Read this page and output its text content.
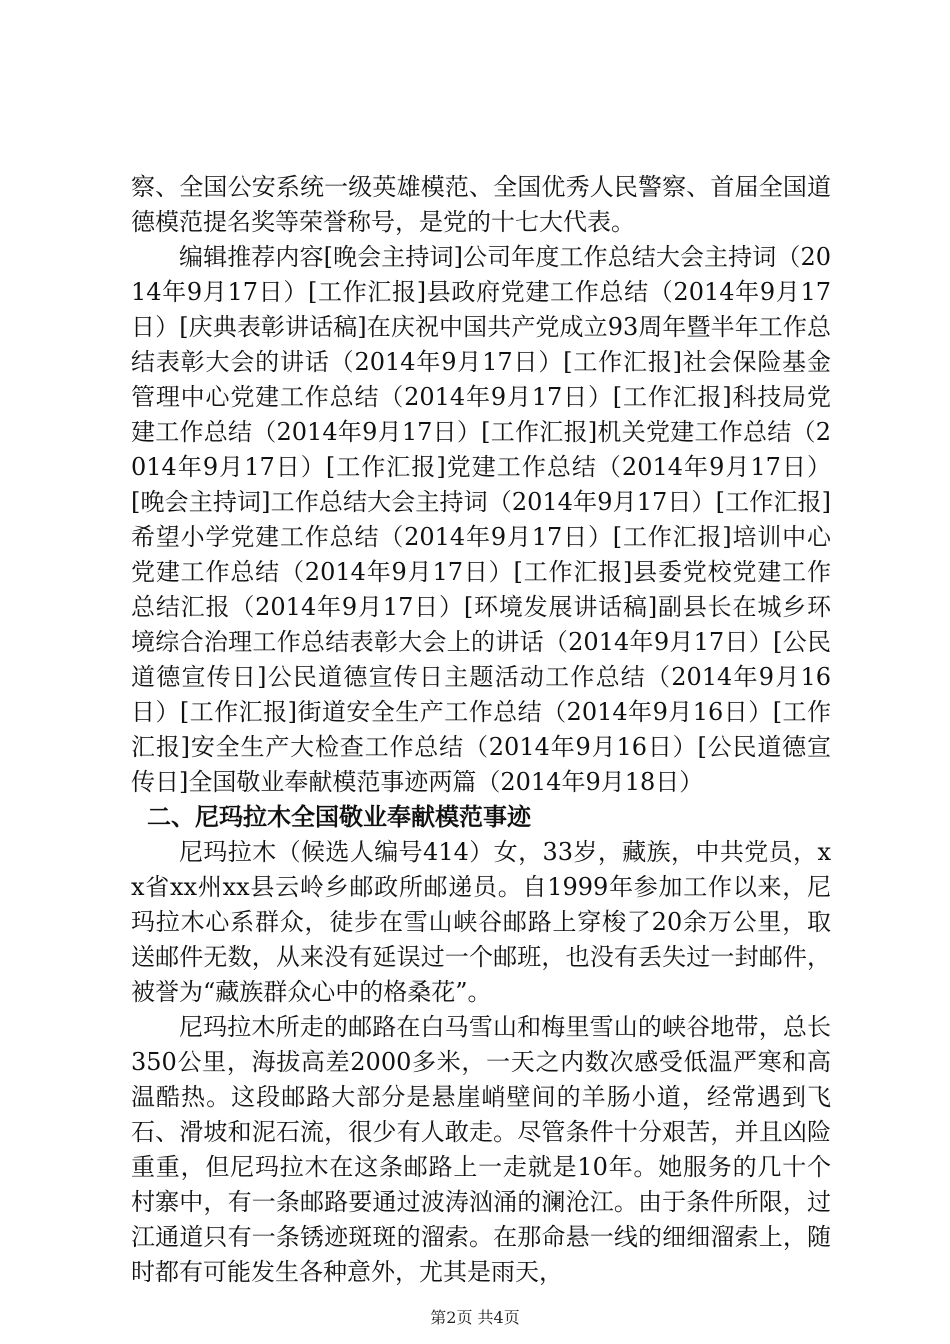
察、全国公安系统一级英雄模范、全国优秀人民警察、首届全国道德模范提名奖等荣誉称号，是党的十七大代表。

编辑推荐内容[晚会主持词]公司年度工作总结大会主持词（2014年9月17日）[工作汇报]县政府党建工作总结（2014年9月17日）[庆典表彰讲话稿]在庆祝中国共产党成立93周年暨半年工作总结表彰大会的讲话（2014年9月17日）[工作汇报]社会保险基金管理中心党建工作总结（2014年9月17日）[工作汇报]科技局党建工作总结（2014年9月17日）[工作汇报]机关党建工作总结（2014年9月17日）[工作汇报]党建工作总结（2014年9月17日）[晚会主持词]工作总结大会主持词（2014年9月17日）[工作汇报]希望小学党建工作总结（2014年9月17日）[工作汇报]培训中心党建工作总结（2014年9月17日）[工作汇报]县委党校党建工作总结汇报（2014年9月17日）[环境发展讲话稿]副县长在城乡环境综合治理工作总结表彰大会上的讲话（2014年9月17日）[公民道德宣传日]公民道德宣传日主题活动工作总结（2014年9月16日）[工作汇报]街道安全生产工作总结（2014年9月16日）[工作汇报]安全生产大检查工作总结（2014年9月16日）[公民道德宣传日]全国敬业奉献模范事迹两篇（2014年9月18日）

二、尼玛拉木全国敬业奉献模范事迹

尼玛拉木（候选人编号414）女，33岁，藏族，中共党员，xx省xx州xx县云岭乡邮政所邮递员。自1999年参加工作以来，尼玛拉木心系群众，徒步在雪山峡谷邮路上穿梭了20余万公里，取送邮件无数，从来没有延误过一个邮班，也没有丢失过一封邮件，被誉为“藏族群众心中的格桑花”。

尼玛拉木所走的邮路在白马雪山和梅里雪山的峡谷地带，总长350公里，海拔高差2000多米，一天之内数次感受低温严寒和高温酷热。这段邮路大部分是悬崖峭壁间的羊肠小道，经常遇到飞石、滑坡和泥石流，很少有人敢走。尽管条件十分艰苦，并且凶险重重，但尼玛拉木在这条邮路上一走就是10年。她服务的几十个村寨中，有一条邮路要通过波涛汹涌的澜沧江。由于条件所限，过江通道只有一条锈迹斑斑的溜索。在那命悬一线的细细溜索上，随时都有可能发生各种意外，尤其是雨天，

第2页 共4页
